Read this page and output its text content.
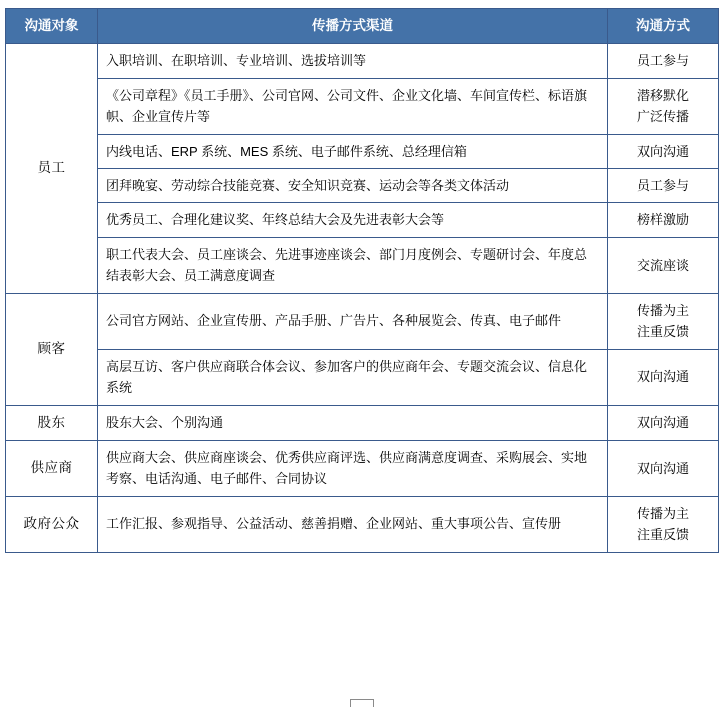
沟通对象	传播方式渠道	沟通方式
员工	入职培训、在职培训、专业培训、选拔培训等	员工参与

	《公司章程》《员工手册》、公司官网、公司文件、企业文化墙、车间宣传栏、标语旗帜、企业宣传片等	潜移默化
广泛传播

	内线电话、ERP 系统、MES 系统、电子邮件系统、总经理信箱	双向沟通

	团拜晚宴、劳动综合技能竞赛、安全知识竞赛、运动会等各类文体活动	员工参与

	优秀员工、合理化建议奖、年终总结大会及先进表彰大会等	榜样激励

	职工代表大会、员工座谈会、先进事迹座谈会、部门月度例会、专题研讨会、年度总结表彰大会、员工满意度调查	交流座谈

顾客	公司官方网站、企业宣传册、产品手册、广告片、各种展览会、传真、电子邮件	传播为主
注重反馈

	高层互访、客户供应商联合体会议、参加客户的供应商年会、专题交流会议、信息化系统	双向沟通

股东	股东大会、个别沟通	双向沟通

供应商	供应商大会、供应商座谈会、优秀供应商评选、供应商满意度调查、采购展会、实地考察、电话沟通、电子邮件、合同协议	双向沟通

政府公众	工作汇报、参观指导、公益活动、慈善捐赠、企业网站、重大事项公告、宣传册	传播为主
注重反馈
